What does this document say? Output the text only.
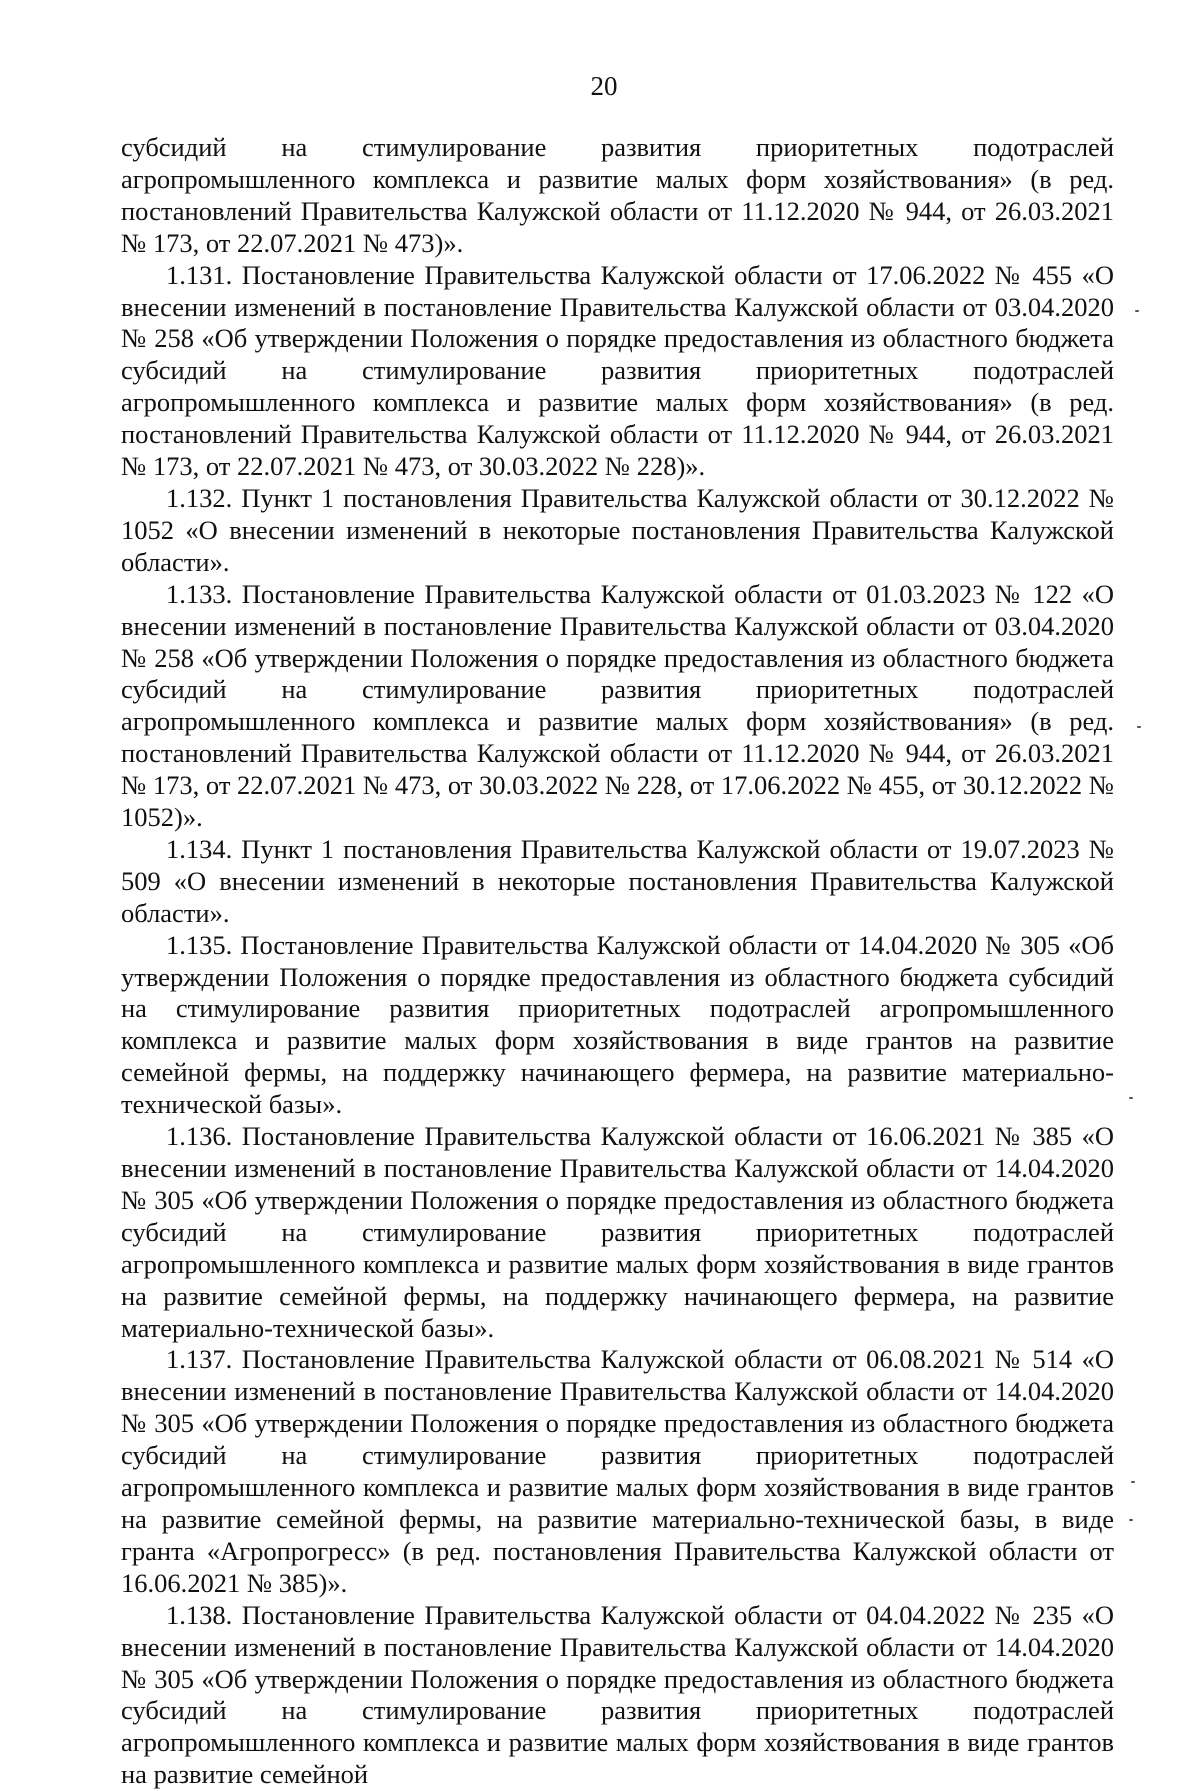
20

субсидий на стимулирование развития приоритетных подотраслей агропромышленного комплекса и развитие малых форм хозяйствования» (в ред. постановлений Правительства Калужской области от 11.12.2020 № 944, от 26.03.2021 № 173, от 22.07.2021 № 473)».

1.131. Постановление Правительства Калужской области от 17.06.2022 № 455 «О внесении изменений в постановление Правительства Калужской области от 03.04.2020 № 258 «Об утверждении Положения о порядке предоставления из областного бюджета субсидий на стимулирование развития приоритетных подотраслей агропромышленного комплекса и развитие малых форм хозяйствования» (в ред. постановлений Правительства Калужской области от 11.12.2020 № 944, от 26.03.2021 № 173, от 22.07.2021 № 473, от 30.03.2022 № 228)».

1.132. Пункт 1 постановления Правительства Калужской области от 30.12.2022 № 1052 «О внесении изменений в некоторые постановления Правительства Калужской области».

1.133. Постановление Правительства Калужской области от 01.03.2023 № 122 «О внесении изменений в постановление Правительства Калужской области от 03.04.2020 № 258 «Об утверждении Положения о порядке предоставления из областного бюджета субсидий на стимулирование развития приоритетных подотраслей агропромышленного комплекса и развитие малых форм хозяйствования» (в ред. постановлений Правительства Калужской области от 11.12.2020 № 944, от 26.03.2021 № 173, от 22.07.2021 № 473, от 30.03.2022 № 228, от 17.06.2022 № 455, от 30.12.2022 № 1052)».

1.134. Пункт 1 постановления Правительства Калужской области от 19.07.2023 № 509 «О внесении изменений в некоторые постановления Правительства Калужской области».

1.135. Постановление Правительства Калужской области от 14.04.2020 № 305 «Об утверждении Положения о порядке предоставления из областного бюджета субсидий на стимулирование развития приоритетных подотраслей агропромышленного комплекса и развитие малых форм хозяйствования в виде грантов на развитие семейной фермы, на поддержку начинающего фермера, на развитие материально-технической базы».

1.136. Постановление Правительства Калужской области от 16.06.2021 № 385 «О внесении изменений в постановление Правительства Калужской области от 14.04.2020 № 305 «Об утверждении Положения о порядке предоставления из областного бюджета субсидий на стимулирование развития приоритетных подотраслей агропромышленного комплекса и развитие малых форм хозяйствования в виде грантов на развитие семейной фермы, на поддержку начинающего фермера, на развитие материально-технической базы».

1.137. Постановление Правительства Калужской области от 06.08.2021 № 514 «О внесении изменений в постановление Правительства Калужской области от 14.04.2020 № 305 «Об утверждении Положения о порядке предоставления из областного бюджета субсидий на стимулирование развития приоритетных подотраслей агропромышленного комплекса и развитие малых форм хозяйствования в виде грантов на развитие семейной фермы, на развитие материально-технической базы, в виде гранта «Агропрогресс» (в ред. постановления Правительства Калужской области от 16.06.2021 № 385)».

1.138. Постановление Правительства Калужской области от 04.04.2022 № 235 «О внесении изменений в постановление Правительства Калужской области от 14.04.2020 № 305 «Об утверждении Положения о порядке предоставления из областного бюджета субсидий на стимулирование развития приоритетных подотраслей агропромышленного комплекса и развитие малых форм хозяйствования в виде грантов на развитие семейной
